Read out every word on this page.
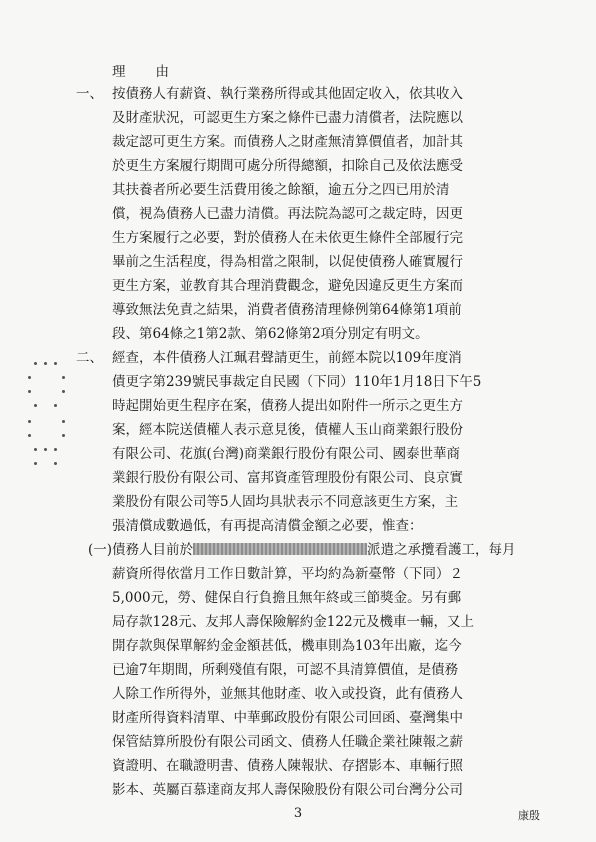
理由
一、 按債務人有薪資、執行業務所得或其他固定收入，依其收入
及財產狀況，可認更生方案之條件已盡力清償者，法院應以
裁定認可更生方案。而債務人之財產無清算價值者，加計其
於更生方案履行期間可處分所得總額，扣除自己及依法應受
其扶養者所必要生活費用後之餘額，逾五分之四已用於清
償，視為債務人已盡力清償。再法院為認可之裁定時，因更
生方案履行之必要，對於債務人在未依更生條件全部履行完
畢前之生活程度，得為相當之限制，以促使債務人確實履行
更生方案，並教育其合理消費觀念，避免因違反更生方案而
導致無法免責之結果，消費者債務清理條例第64條第1項前
段、第64條之1第2款、第62條第2項分別定有明文。
二、 經查，本件債務人江珮君聲請更生，前經本院以109年度消
債更字第239號民事裁定自民國（下同）110年1月18日下午5
時起開始更生程序在案，債務人提出如附件一所示之更生方
案，經本院送債權人表示意見後，債權人玉山商業銀行股份
有限公司、花旗(台灣)商業銀行股份有限公司、國泰世華商
業銀行股份有限公司、富邦資產管理股份有限公司、良京實
業股份有限公司等5人固均具狀表示不同意該更生方案，主
張清償成數過低，有再提高清償金額之必要，惟查：
(一) 債務人目前於	派遣之承攬看護工，每月
薪資所得依當月工作日數計算，平均約為新臺幣（下同）２
5,000元，勞、健保自行負擔且無年終或三節獎金。另有郵
局存款128元、友邦人壽保險解約金122元及機車一輛，又上
開存款與保單解約金金額甚低，機車則為103年出廠，迄今
已逾7年期間，所剩殘值有限，可認不具清算價值，是債務
人除工作所得外，並無其他財產、收入或投資，此有債務人
財產所得資料清單、中華郵政股份有限公司回函、臺灣集中
保管結算所股份有限公司函文、債務人任職企業社陳報之薪
資證明、在職證明書、債務人陳報狀、存摺影本、車輛行照
影本、英屬百慕達商友邦人壽保險股份有限公司台灣分公司
3	康殷
